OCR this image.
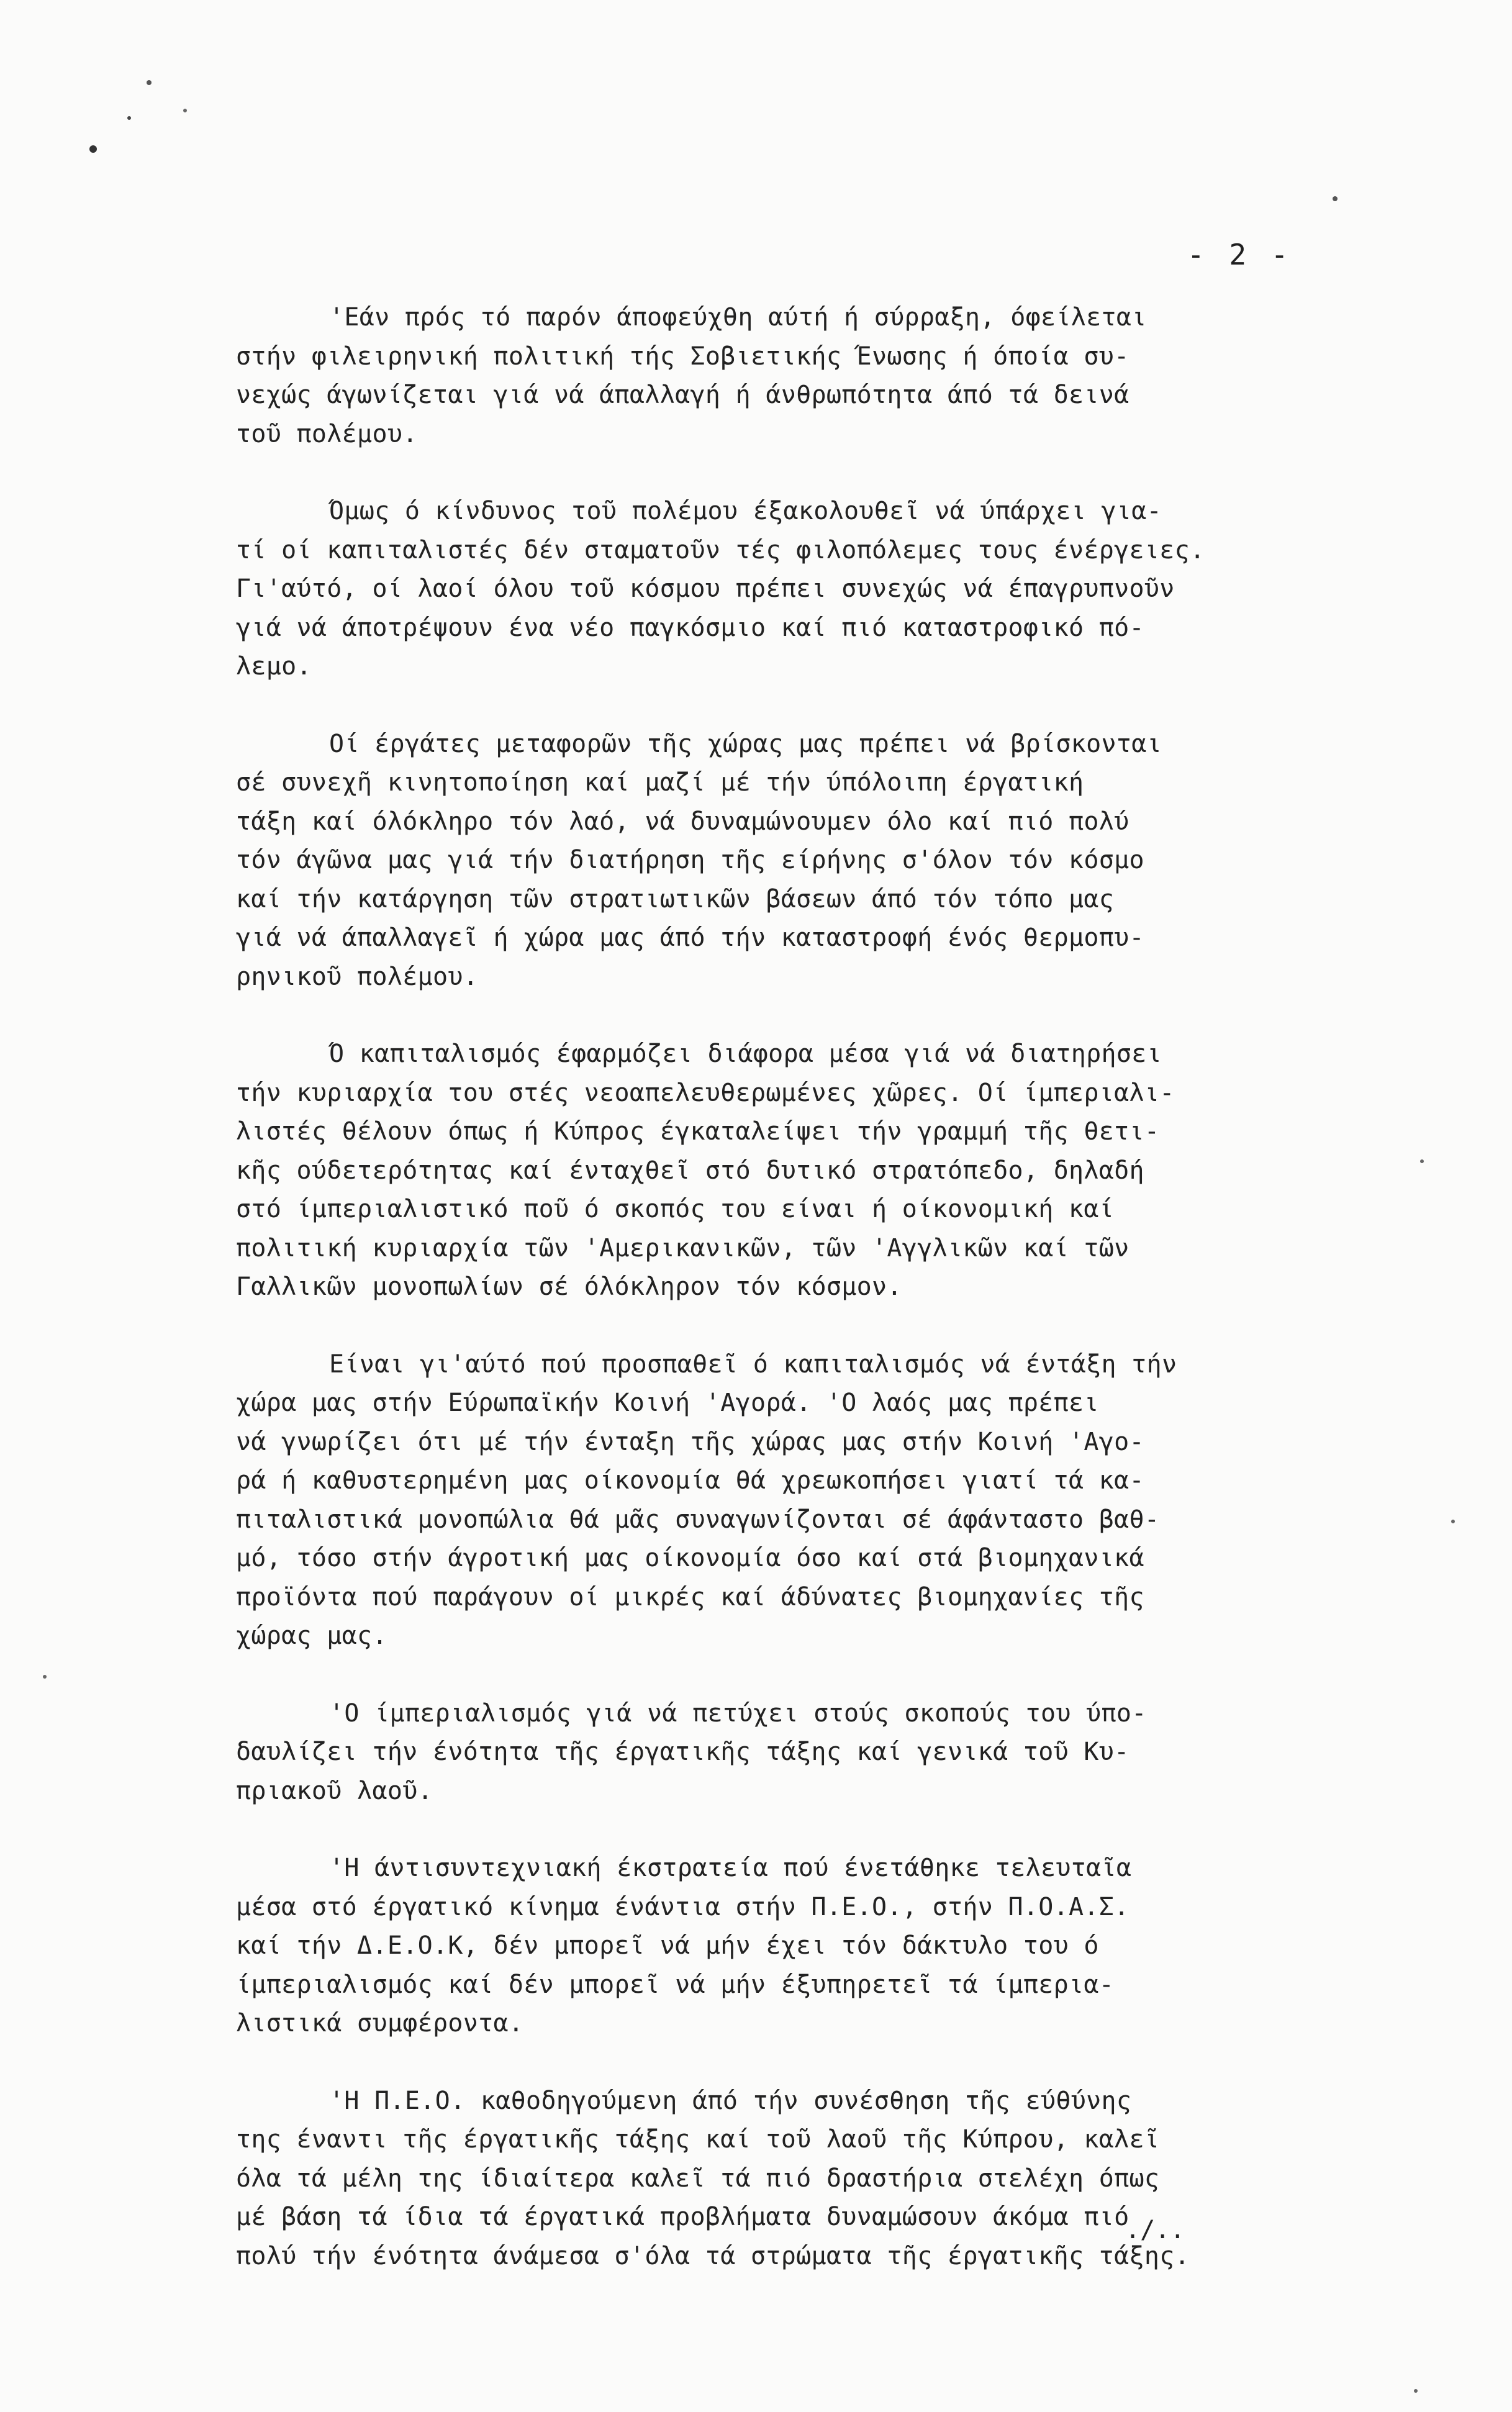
- 2 -
'Εάν πρός τό παρόν άποφεύχθη αύτή ή σύρραξη, όφείλεται
στήν φιλειρηνική πολιτική τής Σοβιετικής Ένωσης ή όποία συ-
νεχώς άγωνίζεται γιά νά άπαλλαγή ή άνθρωπότητα άπό τά δεινά
τοῦ πολέμου.
Όμως ό κίνδυνος τοῦ πολέμου έξακολουθεῖ νά ύπάρχει για-
τί οί καπιταλιστές δέν σταματοῦν τές φιλοπόλεμες τους ένέργειες.
Γι'αύτό, οί λαοί όλου τοῦ κόσμου πρέπει συνεχώς νά έπαγρυπνοῦν
γιά νά άποτρέψουν ένα νέο παγκόσμιο καί πιό καταστροφικό πό-
λεμο.
Οί έργάτες μεταφορῶν τῆς χώρας μας πρέπει νά βρίσκονται
σέ συνεχῆ κινητοποίηση καί μαζί μέ τήν ύπόλοιπη έργατική
τάξη καί όλόκληρο τόν λαό, νά δυναμώνουμεν όλο καί πιό πολύ
τόν άγῶνα μας γιά τήν διατήρηση τῆς είρήνης σ'όλον τόν κόσμο
καί τήν κατάργηση τῶν στρατιωτικῶν βάσεων άπό τόν τόπο μας
γιά νά άπαλλαγεῖ ή χώρα μας άπό τήν καταστροφή ένός θερμοπυ-
ρηνικοῦ πολέμου.
Ό καπιταλισμός έφαρμόζει διάφορα μέσα γιά νά διατηρήσει
τήν κυριαρχία του στές νεοαπελευθερωμένες χῶρες. Οί ίμπεριαλι-
λιστές θέλουν όπως ή Κύπρος έγκαταλείψει τήν γραμμή τῆς θετι-
κῆς ούδετερότητας καί ένταχθεῖ στό δυτικό στρατόπεδο, δηλαδή
στό ίμπεριαλιστικό ποῦ ό σκοπός του είναι ή οίκονομική καί
πολιτική κυριαρχία τῶν 'Αμερικανικῶν, τῶν 'Αγγλικῶν καί τῶν
Γαλλικῶν μονοπωλίων σέ όλόκληρον τόν κόσμον.
Είναι γι'αύτό πού προσπαθεῖ ό καπιταλισμός νά έντάξη τήν
χώρα μας στήν Εύρωπαϊκήν Κοινή 'Αγορά. 'Ο λαός μας πρέπει
νά γνωρίζει ότι μέ τήν ένταξη τῆς χώρας μας στήν Κοινή 'Αγο-
ρά ή καθυστερημένη μας οίκονομία θά χρεωκοπήσει γιατί τά κα-
πιταλιστικά μονοπώλια θά μᾶς συναγωνίζονται σέ άφάνταστο βαθ-
μό, τόσο στήν άγροτική μας οίκονομία όσο καί στά βιομηχανικά
προϊόντα πού παράγουν οί μικρές καί άδύνατες βιομηχανίες τῆς
χώρας μας.
'Ο ίμπεριαλισμός γιά νά πετύχει στούς σκοπούς του ύπο-
δαυλίζει τήν ένότητα τῆς έργατικῆς τάξης καί γενικά τοῦ Κυ-
πριακοῦ λαοῦ.
'Η άντισυντεχνιακή έκστρατεία πού ένετάθηκε τελευταῖα
μέσα στό έργατικό κίνημα ένάντια στήν Π.Ε.Ο., στήν Π.Ο.Α.Σ.
καί τήν Δ.Ε.Ο.Κ, δέν μπορεῖ νά μήν έχει τόν δάκτυλο του ό
ίμπεριαλισμός καί δέν μπορεῖ νά μήν έξυπηρετεῖ τά ίμπερια-
λιστικά συμφέροντα.
'Η Π.Ε.Ο. καθοδηγούμενη άπό τήν συνέσθηση τῆς εύθύνης
της έναντι τῆς έργατικῆς τάξης καί τοῦ λαοῦ τῆς Κύπρου, καλεῖ
όλα τά μέλη της ίδιαίτερα καλεῖ τά πιό δραστήρια στελέχη όπως
μέ βάση τά ίδια τά έργατικά προβλήματα δυναμώσουν άκόμα πιό
πολύ τήν ένότητα άνάμεσα σ'όλα τά στρώματα τῆς έργατικῆς τάξης.
./..
